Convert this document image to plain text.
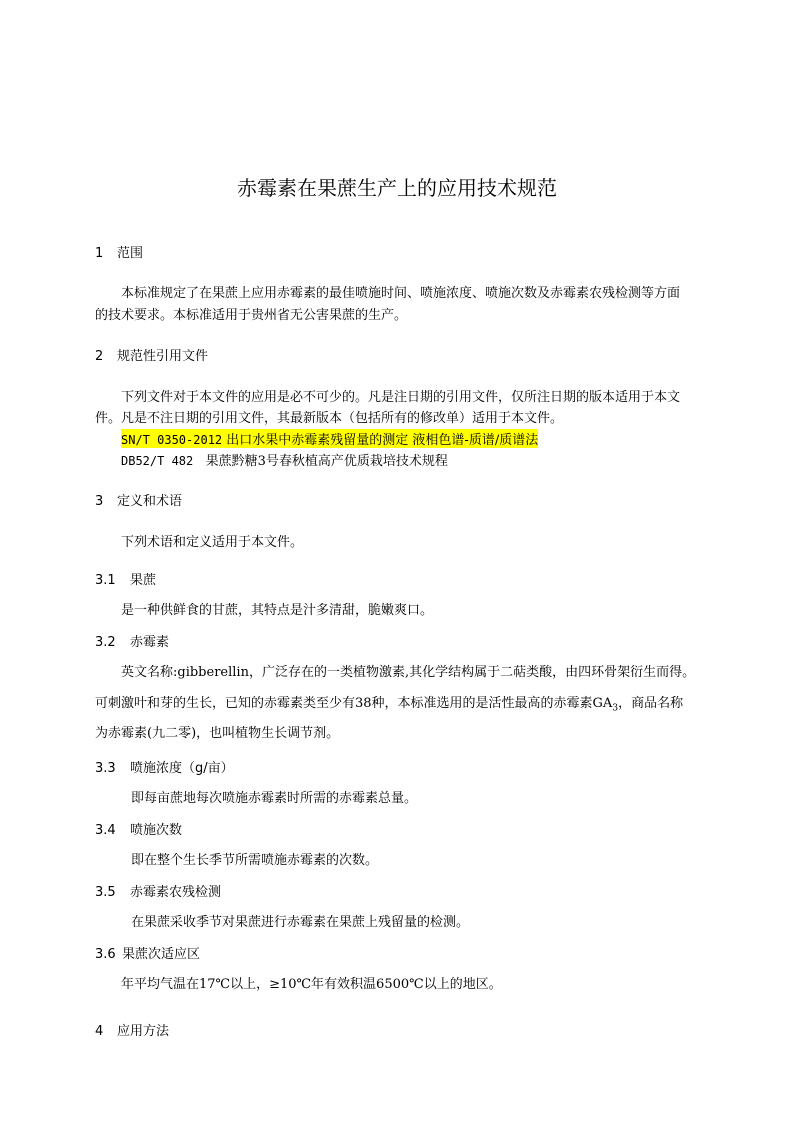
赤霉素在果蔗生产上的应用技术规范
1 范围
本标准规定了在果蔗上应用赤霉素的最佳喷施时间、喷施浓度、喷施次数及赤霉素农残检测等方面
的技术要求。本标准适用于贵州省无公害果蔗的生产。
2 规范性引用文件
下列文件对于本文件的应用是必不可少的。凡是注日期的引用文件，仅所注日期的版本适用于本文
件。凡是不注日期的引用文件，其最新版本（包括所有的修改单）适用于本文件。
SN/T 0350-2012 出口水果中赤霉素残留量的测定 液相色谱-质谱/质谱法
DB52/T 482 果蔗黔糖3号春秋植高产优质栽培技术规程
3 定义和术语
下列术语和定义适用于本文件。
3.1 果蔗
是一种供鲜食的甘蔗，其特点是汁多清甜，脆嫩爽口。
3.2 赤霉素
英文名称:gibberellin，广泛存在的一类植物激素,其化学结构属于二萜类酸，由四环骨架衍生而得。
可刺激叶和芽的生长，已知的赤霉素类至少有38种，本标准选用的是活性最高的赤霉素$GA_3$，商品名称
为赤霉素(九二零)，也叫植物生长调节剂。
3.3 喷施浓度（g/亩）
即每亩蔗地每次喷施赤霉素时所需的赤霉素总量。
3.4 喷施次数
即在整个生长季节所需喷施赤霉素的次数。
3.5 赤霉素农残检测
在果蔗采收季节对果蔗进行赤霉素在果蔗上残留量的检测。
3.6 果蔗次适应区
年平均气温在17℃以上，≥10℃年有效积温6500℃以上的地区。
4 应用方法
